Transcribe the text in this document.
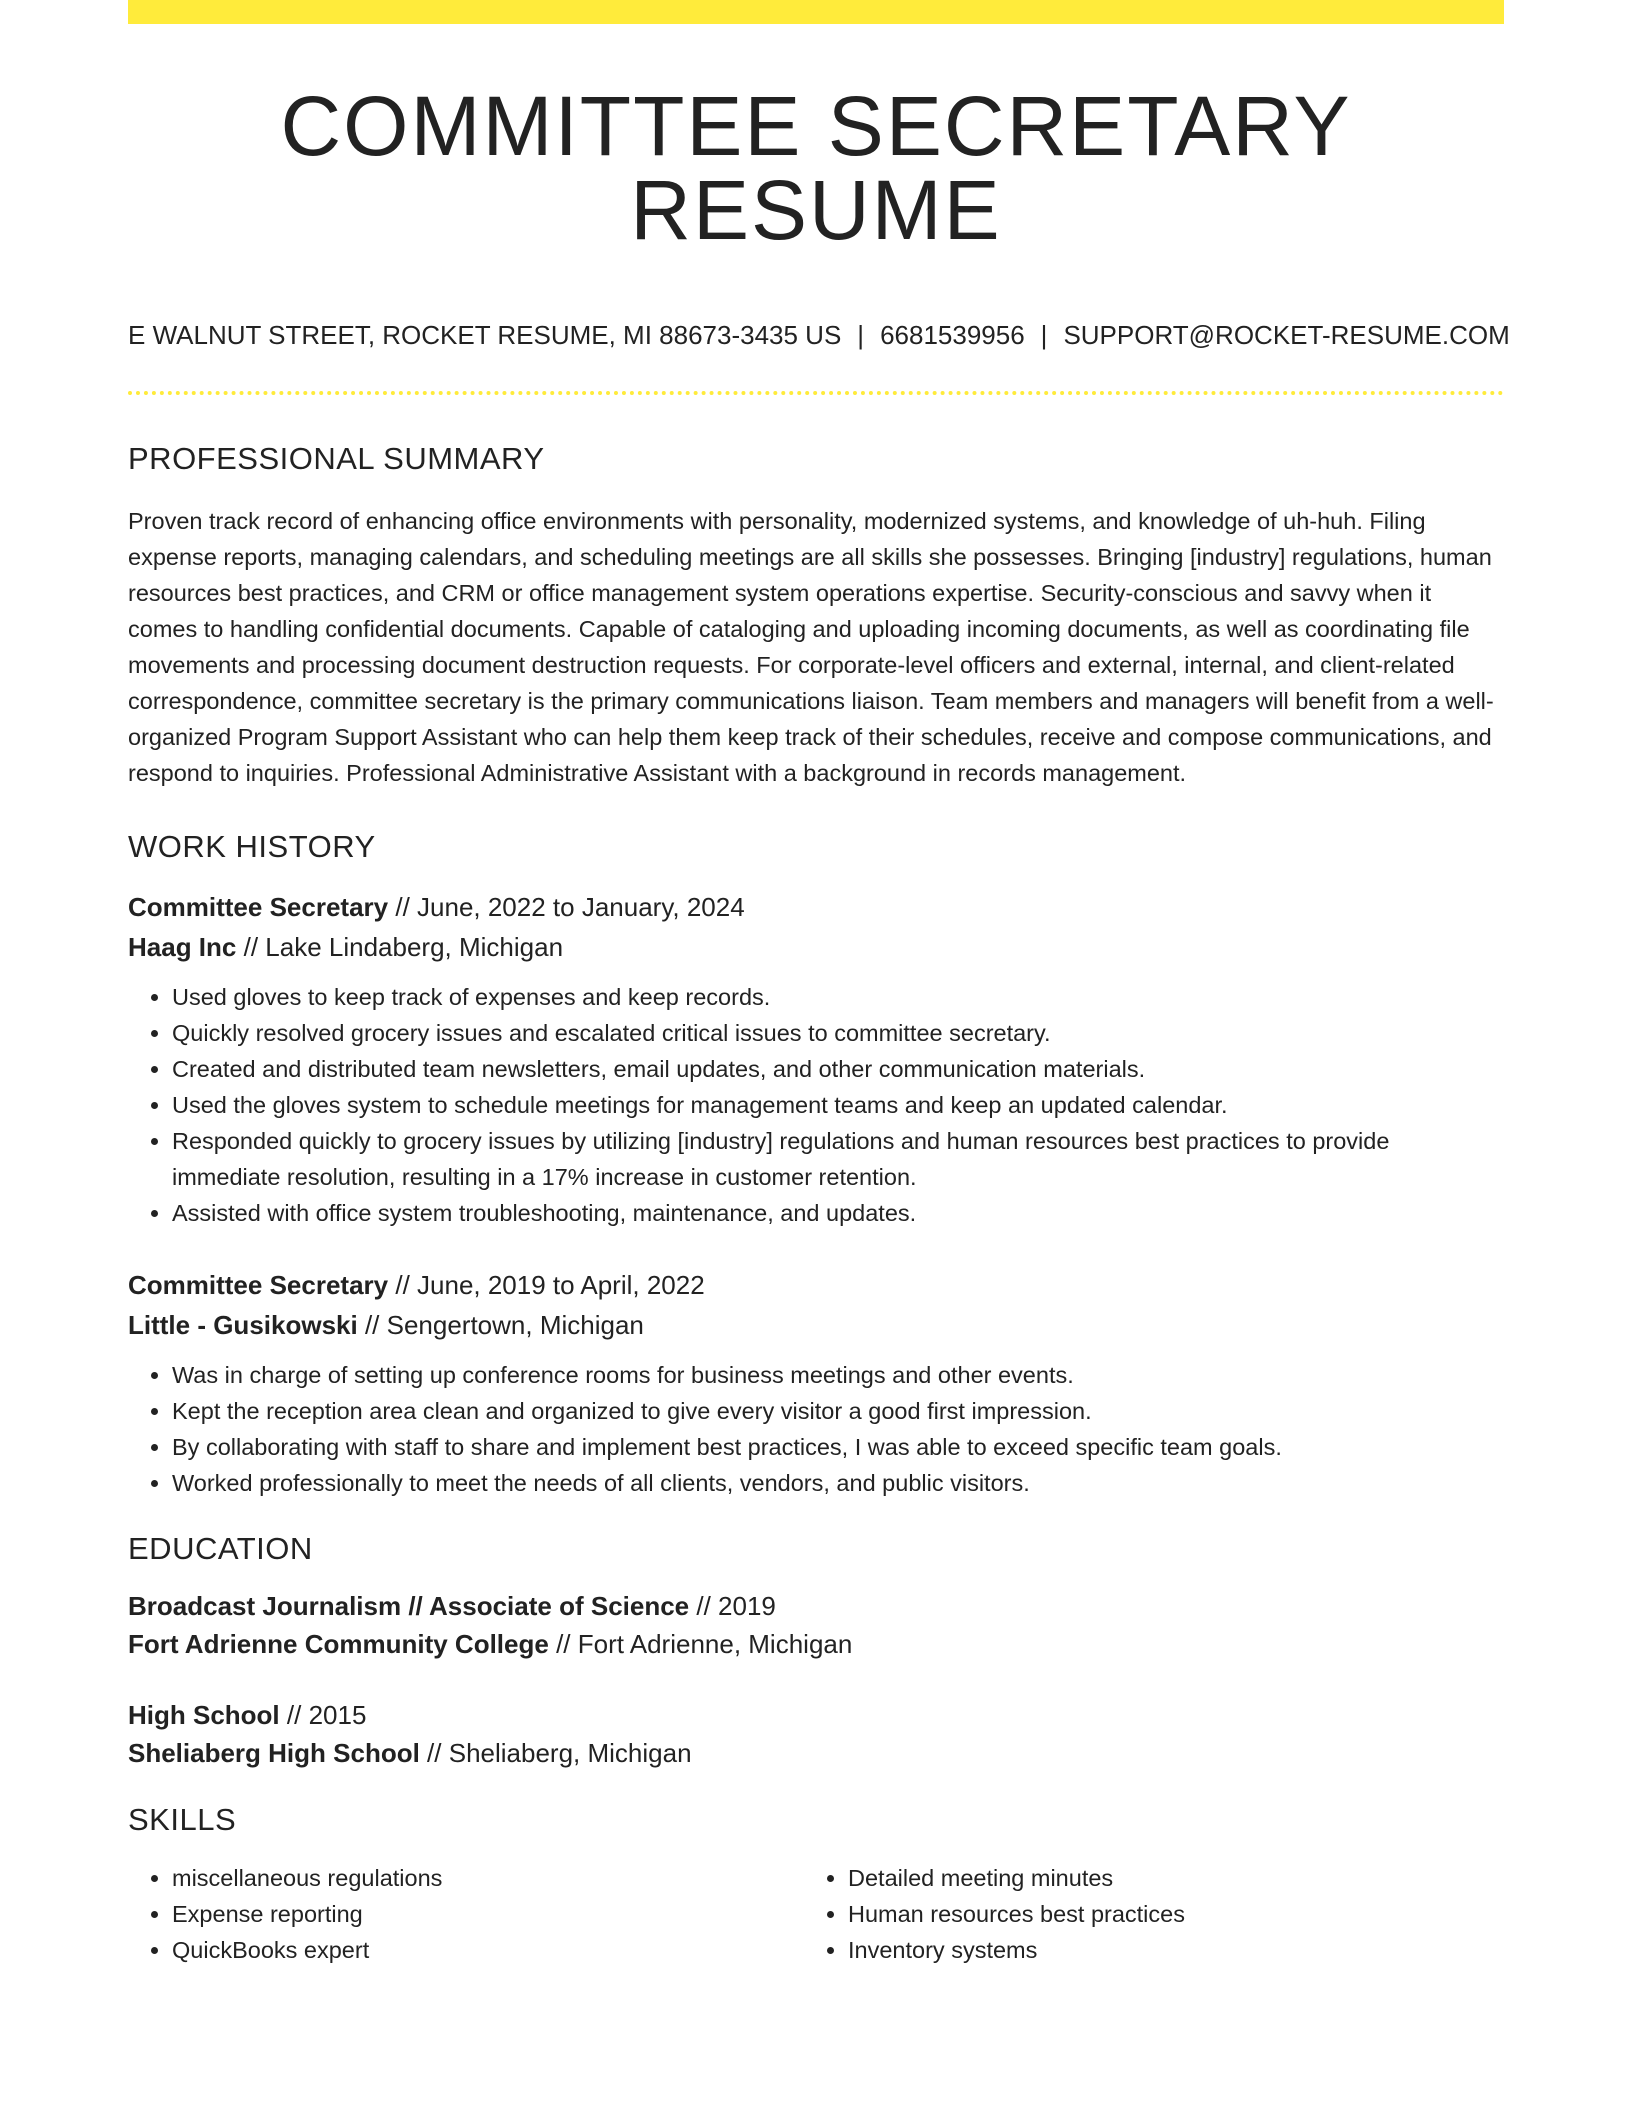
COMMITTEE SECRETARY RESUME
E WALNUT STREET, ROCKET RESUME, MI 88673-3435 US | 6681539956 | SUPPORT@ROCKET-RESUME.COM
PROFESSIONAL SUMMARY
Proven track record of enhancing office environments with personality, modernized systems, and knowledge of uh-huh. Filing expense reports, managing calendars, and scheduling meetings are all skills she possesses. Bringing [industry] regulations, human resources best practices, and CRM or office management system operations expertise. Security-conscious and savvy when it comes to handling confidential documents. Capable of cataloging and uploading incoming documents, as well as coordinating file movements and processing document destruction requests. For corporate-level officers and external, internal, and client-related correspondence, committee secretary is the primary communications liaison. Team members and managers will benefit from a well-organized Program Support Assistant who can help them keep track of their schedules, receive and compose communications, and respond to inquiries. Professional Administrative Assistant with a background in records management.
WORK HISTORY
Committee Secretary // June, 2022 to January, 2024
Haag Inc // Lake Lindaberg, Michigan
• Used gloves to keep track of expenses and keep records.
• Quickly resolved grocery issues and escalated critical issues to committee secretary.
• Created and distributed team newsletters, email updates, and other communication materials.
• Used the gloves system to schedule meetings for management teams and keep an updated calendar.
• Responded quickly to grocery issues by utilizing [industry] regulations and human resources best practices to provide immediate resolution, resulting in a 17% increase in customer retention.
• Assisted with office system troubleshooting, maintenance, and updates.
Committee Secretary // June, 2019 to April, 2022
Little - Gusikowski // Sengertown, Michigan
• Was in charge of setting up conference rooms for business meetings and other events.
• Kept the reception area clean and organized to give every visitor a good first impression.
• By collaborating with staff to share and implement best practices, I was able to exceed specific team goals.
• Worked professionally to meet the needs of all clients, vendors, and public visitors.
EDUCATION
Broadcast Journalism // Associate of Science // 2019
Fort Adrienne Community College // Fort Adrienne, Michigan
High School // 2015
Sheliaberg High School // Sheliaberg, Michigan
SKILLS
• miscellaneous regulations
• Expense reporting
• QuickBooks expert
• Detailed meeting minutes
• Human resources best practices
• Inventory systems
